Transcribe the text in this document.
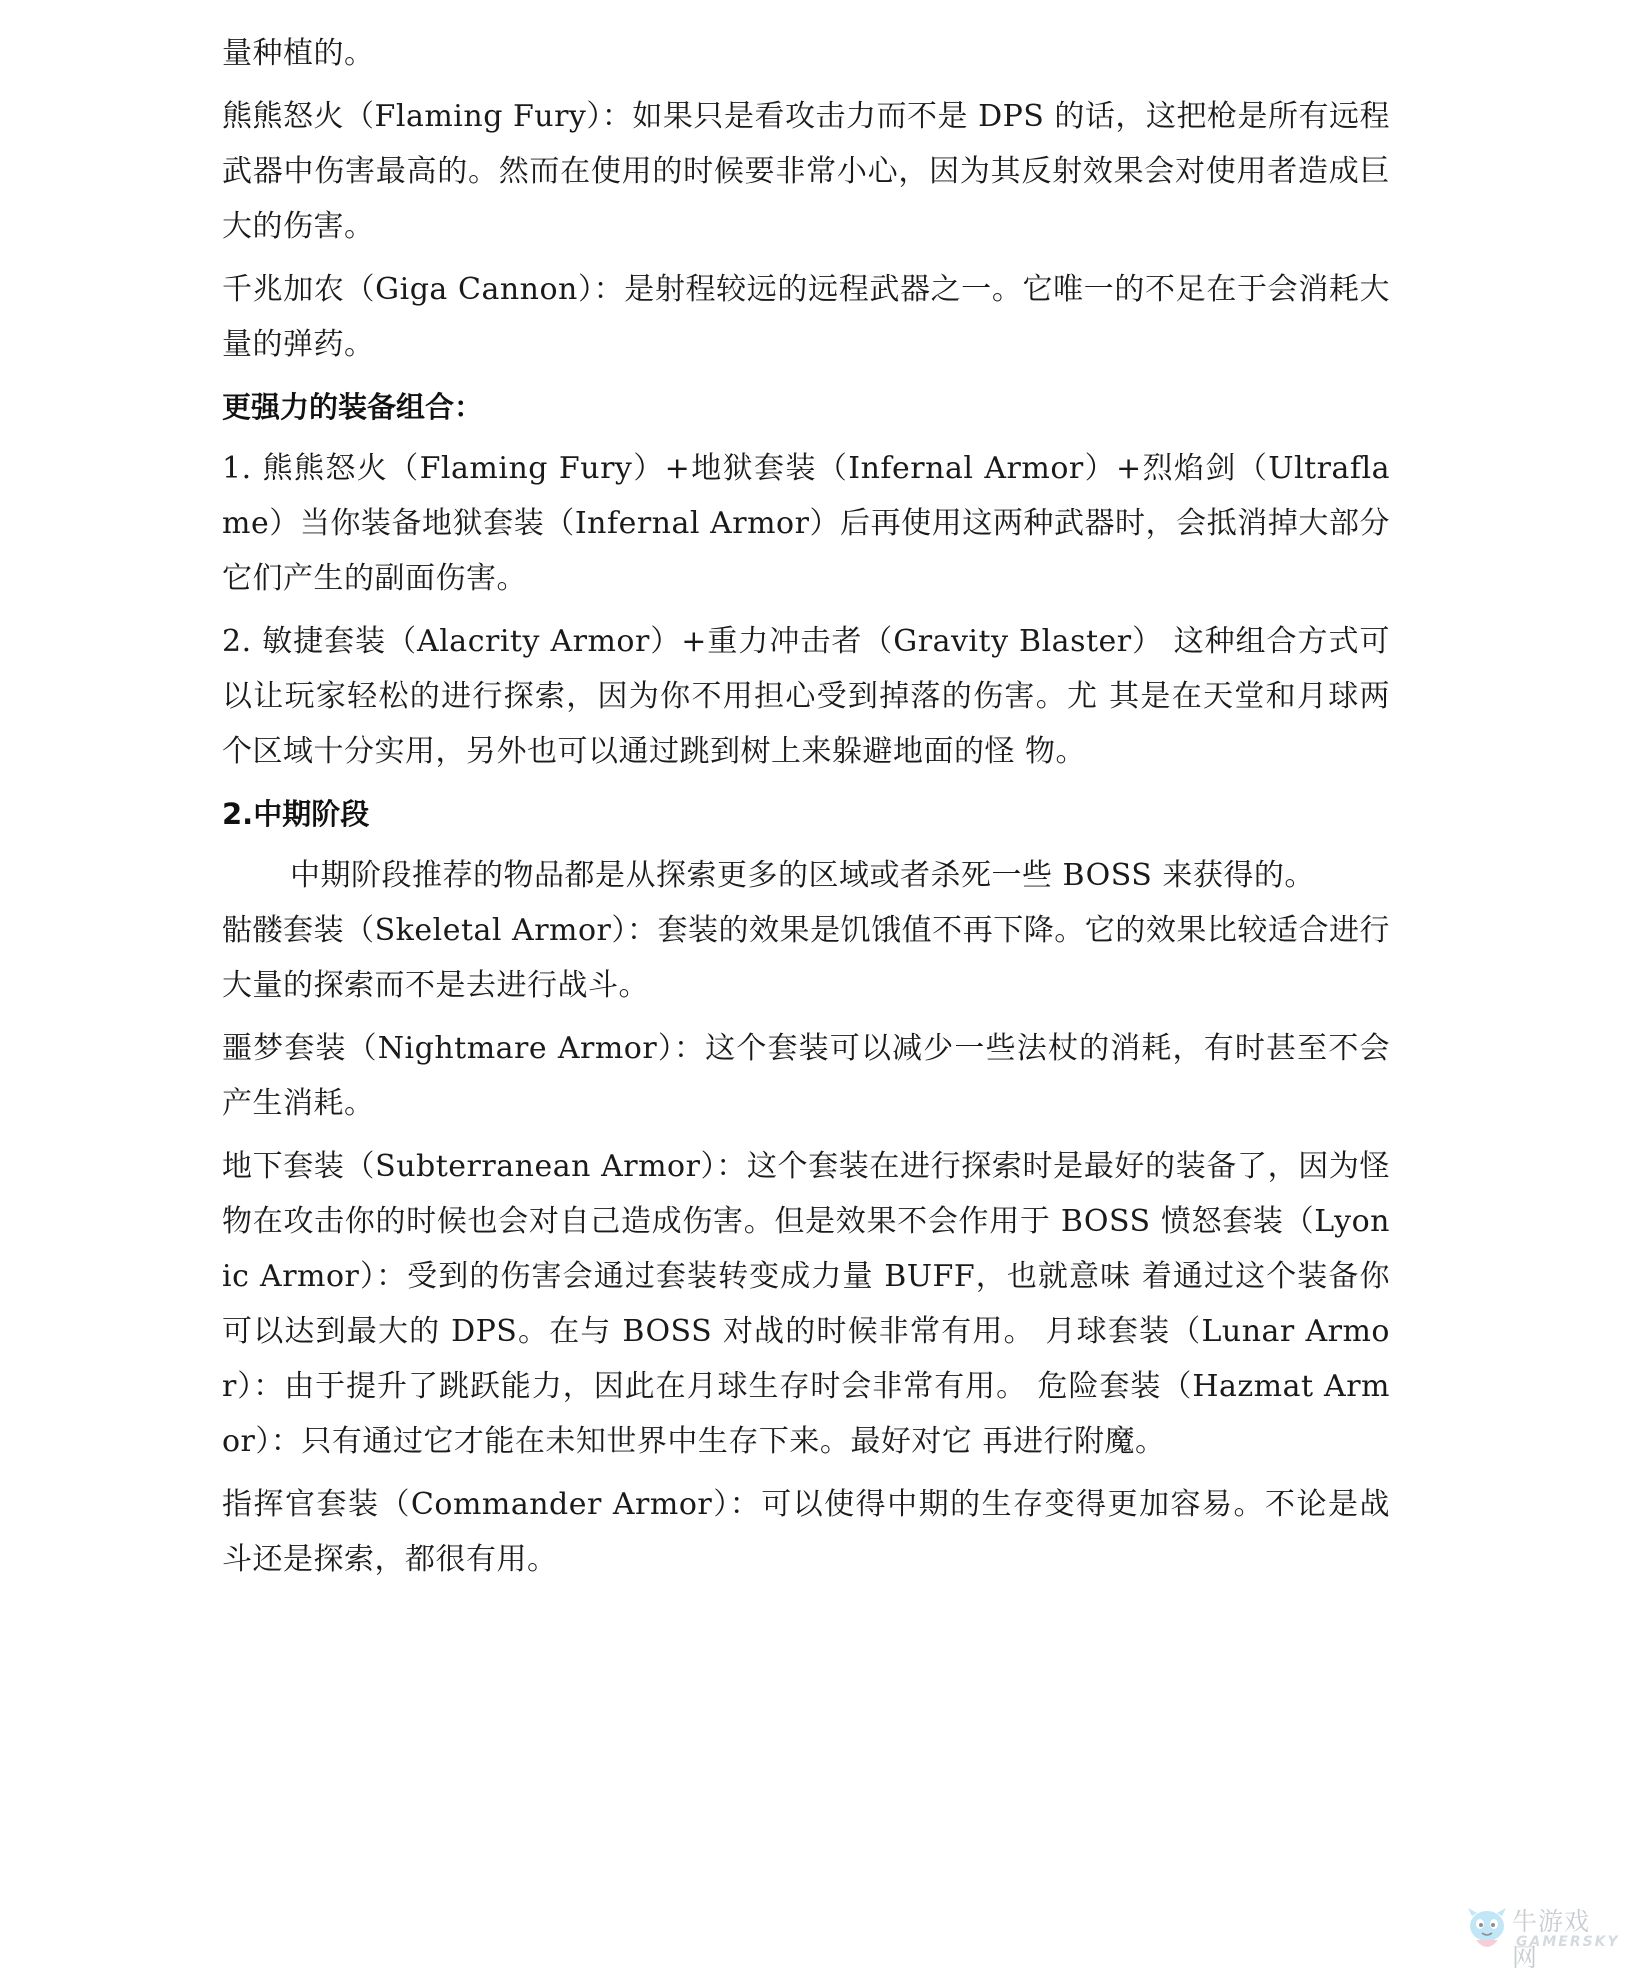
量种植的。

熊熊怒火（Flaming Fury）：如果只是看攻击力而不是 DPS 的话，这把枪是所有远程武器中伤害最高的。然而在使用的时候要非常小心，因为其反射效果会对使用者造成巨大的伤害。

千兆加农（Giga Cannon）：是射程较远的远程武器之一。它唯一的不足在于会消耗大量的弹药。

更强力的装备组合：

1. 熊熊怒火（Flaming Fury）+地狱套装（Infernal Armor）+烈焰剑（Ultraflame）当你装备地狱套装（Infernal Armor）后再使用这两种武器时，会抵消掉大部分它们产生的副面伤害。

2. 敏捷套装（Alacrity Armor）+重力冲击者（Gravity Blaster） 这种组合方式可以让玩家轻松的进行探索，因为你不用担心受到掉落的伤害。尤 其是在天堂和月球两个区域十分实用，另外也可以通过跳到树上来躲避地面的怪 物。

2.中期阶段

中期阶段推荐的物品都是从探索更多的区域或者杀死一些 BOSS 来获得的。

骷髅套装（Skeletal Armor）：套装的效果是饥饿值不再下降。它的效果比较适合进行大量的探索而不是去进行战斗。

噩梦套装（Nightmare Armor）：这个套装可以减少一些法杖的消耗，有时甚至不会产生消耗。

地下套装（Subterranean Armor）：这个套装在进行探索时是最好的装备了，因为怪物在攻击你的时候也会对自己造成伤害。但是效果不会作用于 BOSS 愤怒套装（Lyonic Armor）：受到的伤害会通过套装转变成力量 BUFF，也就意味 着通过这个装备你可以达到最大的 DPS。在与 BOSS 对战的时候非常有用。 月球套装（Lunar Armor）：由于提升了跳跃能力，因此在月球生存时会非常有用。 危险套装（Hazmat Armor）：只有通过它才能在未知世界中生存下来。最好对它 再进行附魔。

指挥官套装（Commander Armor）：可以使得中期的生存变得更加容易。不论是战斗还是探索，都很有用。

牛游戏网
GAMERSKY
